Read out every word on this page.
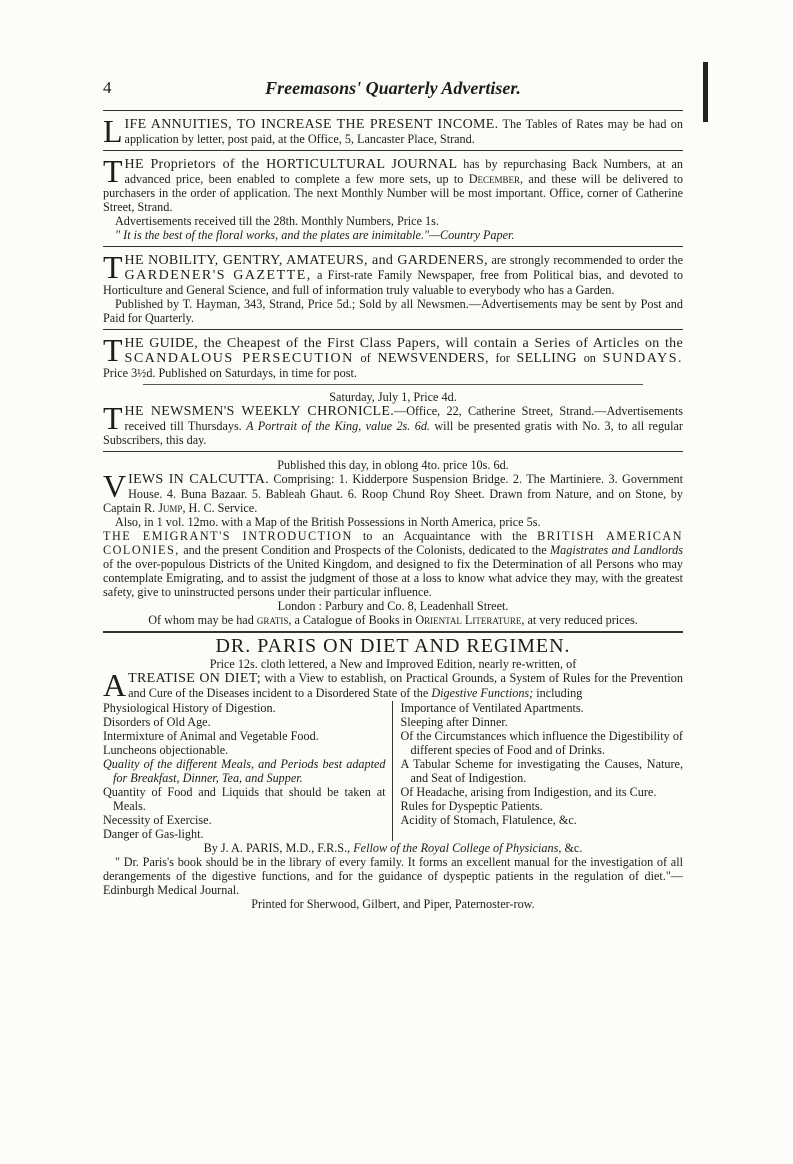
4	Freemasons' Quarterly Advertiser.
LIFE ANNUITIES, TO INCREASE THE PRESENT INCOME. The Tables of Rates may be had on application by letter, post paid, at the Office, 5, Lancaster Place, Strand.

THE Proprietors of the HORTICULTURAL JOURNAL has by repurchasing Back Numbers, at an advanced price, been enabled to complete a few more sets, up to December, and these will be delivered to purchasers in the order of application. The next Monthly Number will be most important. Office, corner of Catherine Street, Strand.

Advertisements received till the 28th. Monthly Numbers, Price 1s.

" It is the best of the floral works, and the plates are inimitable."—Country Paper.

THE NOBILITY, GENTRY, AMATEURS, and GARDENERS, are strongly recommended to order the GARDENER'S GAZETTE, a First-rate Family Newspaper, free from Political bias, and devoted to Horticulture and General Science, and full of information truly valuable to everybody who has a Garden.

Published by T. Hayman, 343, Strand, Price 5d.; Sold by all Newsmen.—Advertisements may be sent by Post and Paid for Quarterly.

THE GUIDE, the Cheapest of the First Class Papers, will contain a Series of Articles on the SCANDALOUS PERSECUTION of NEWSVENDERS, for SELLING on SUNDAYS. Price 3½d. Published on Saturdays, in time for post.

Saturday, July 1, Price 4d.

THE NEWSMEN'S WEEKLY CHRONICLE.—Office, 22, Catherine Street, Strand.—Advertisements received till Thursdays. A Portrait of the King, value 2s. 6d. will be presented gratis with No. 3, to all regular Subscribers, this day.

Published this day, in oblong 4to. price 10s. 6d.

VIEWS IN CALCUTTA. Comprising: 1. Kidderpore Suspension Bridge. 2. The Martiniere. 3. Government House. 4. Buna Bazaar. 5. Bableah Ghaut. 6. Roop Chund Roy Sheet. Drawn from Nature, and on Stone, by Captain R. Jump, H. C. Service.

Also, in 1 vol. 12mo. with a Map of the British Possessions in North America, price 5s.

THE EMIGRANT'S INTRODUCTION to an Acquaintance with the BRITISH AMERICAN COLONIES, and the present Condition and Prospects of the Colonists, dedicated to the Magistrates and Landlords of the over-populous Districts of the United Kingdom, and designed to fix the Determination of all Persons who may contemplate Emigrating, and to assist the judgment of those at a loss to know what advice they may, with the greatest safety, give to uninstructed persons under their particular influence.

London : Parbury and Co. 8, Leadenhall Street.

Of whom may be had gratis, a Catalogue of Books in Oriental Literature, at very reduced prices.

DR. PARIS ON DIET AND REGIMEN.

Price 12s. cloth lettered, a New and Improved Edition, nearly re-written, of

ATREATISE ON DIET; with a View to establish, on Practical Grounds, a System of Rules for the Prevention and Cure of the Diseases incident to a Disordered State of the Digestive Functions; including

Physiological History of Digestion.
Disorders of Old Age.
Intermixture of Animal and Vegetable Food.
Luncheons objectionable.
Quality of the different Meals, and Periods best adapted for Breakfast, Dinner, Tea, and Supper.
Quantity of Food and Liquids that should be taken at Meals.
Necessity of Exercise.
Danger of Gas-light.
Importance of Ventilated Apartments.
Sleeping after Dinner.
Of the Circumstances which influence the Digestibility of different species of Food and of Drinks.
A Tabular Scheme for investigating the Causes, Nature, and Seat of Indigestion.
Of Headache, arising from Indigestion, and its Cure.
Rules for Dyspeptic Patients.
Acidity of Stomach, Flatulence, &c.

By J. A. PARIS, M.D., F.R.S., Fellow of the Royal College of Physicians, &c.

" Dr. Paris's book should be in the library of every family. It forms an excellent manual for the investigation of all derangements of the digestive functions, and for the guidance of dyspeptic patients in the regulation of diet."—Edinburgh Medical Journal.

Printed for Sherwood, Gilbert, and Piper, Paternoster-row.
